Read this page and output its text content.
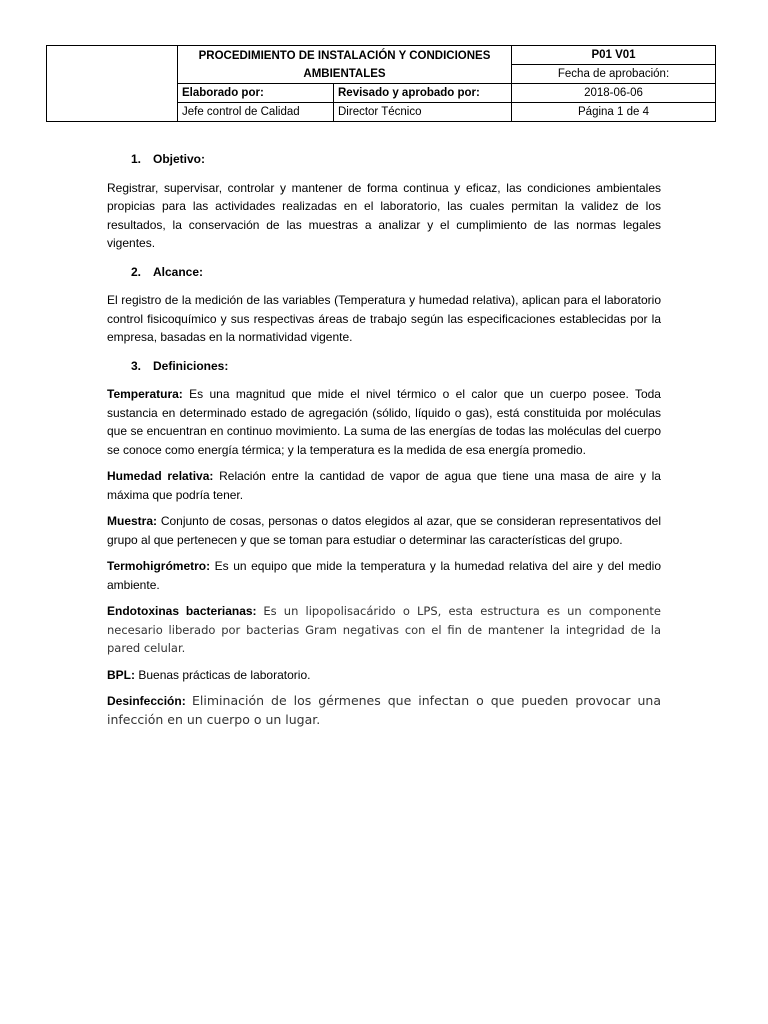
	PROCEDIMIENTO DE INSTALACIÓN Y CONDICIONES AMBIENTALES		P01 V01
			Fecha de aprobación:
	Elaborado por:	Revisado y aprobado por:	2018-06-06
	Jefe control de Calidad	Director Técnico	Página 1 de 4
1. Objetivo:

Registrar, supervisar, controlar y mantener de forma continua y eficaz, las condiciones ambientales propicias para las actividades realizadas en el laboratorio, las cuales permitan la validez de los resultados, la conservación de las muestras a analizar y el cumplimiento de las normas legales vigentes.

2. Alcance:

El registro de la medición de las variables (Temperatura y humedad relativa), aplican para el laboratorio control fisicoquímico y sus respectivas áreas de trabajo según las especificaciones establecidas por la empresa, basadas en la normatividad vigente.

3. Definiciones:

Temperatura: Es una magnitud que mide el nivel térmico o el calor que un cuerpo posee. Toda sustancia en determinado estado de agregación (sólido, líquido o gas), está constituida por moléculas que se encuentran en continuo movimiento. La suma de las energías de todas las moléculas del cuerpo se conoce como energía térmica; y la temperatura es la medida de esa energía promedio.

Humedad relativa: Relación entre la cantidad de vapor de agua que tiene una masa de aire y la máxima que podría tener.

Muestra: Conjunto de cosas, personas o datos elegidos al azar, que se consideran representativos del grupo al que pertenecen y que se toman para estudiar o determinar las características del grupo.

Termohigrómetro: Es un equipo que mide la temperatura y la humedad relativa del aire y del medio ambiente.

Endotoxinas bacterianas: Es un lipopolisacárido o LPS, esta estructura es un componente necesario liberado por bacterias Gram negativas con el fin de mantener la integridad de la pared celular.

BPL: Buenas prácticas de laboratorio.

Desinfección: Eliminación de los gérmenes que infectan o que pueden provocar una infección en un cuerpo o un lugar.
